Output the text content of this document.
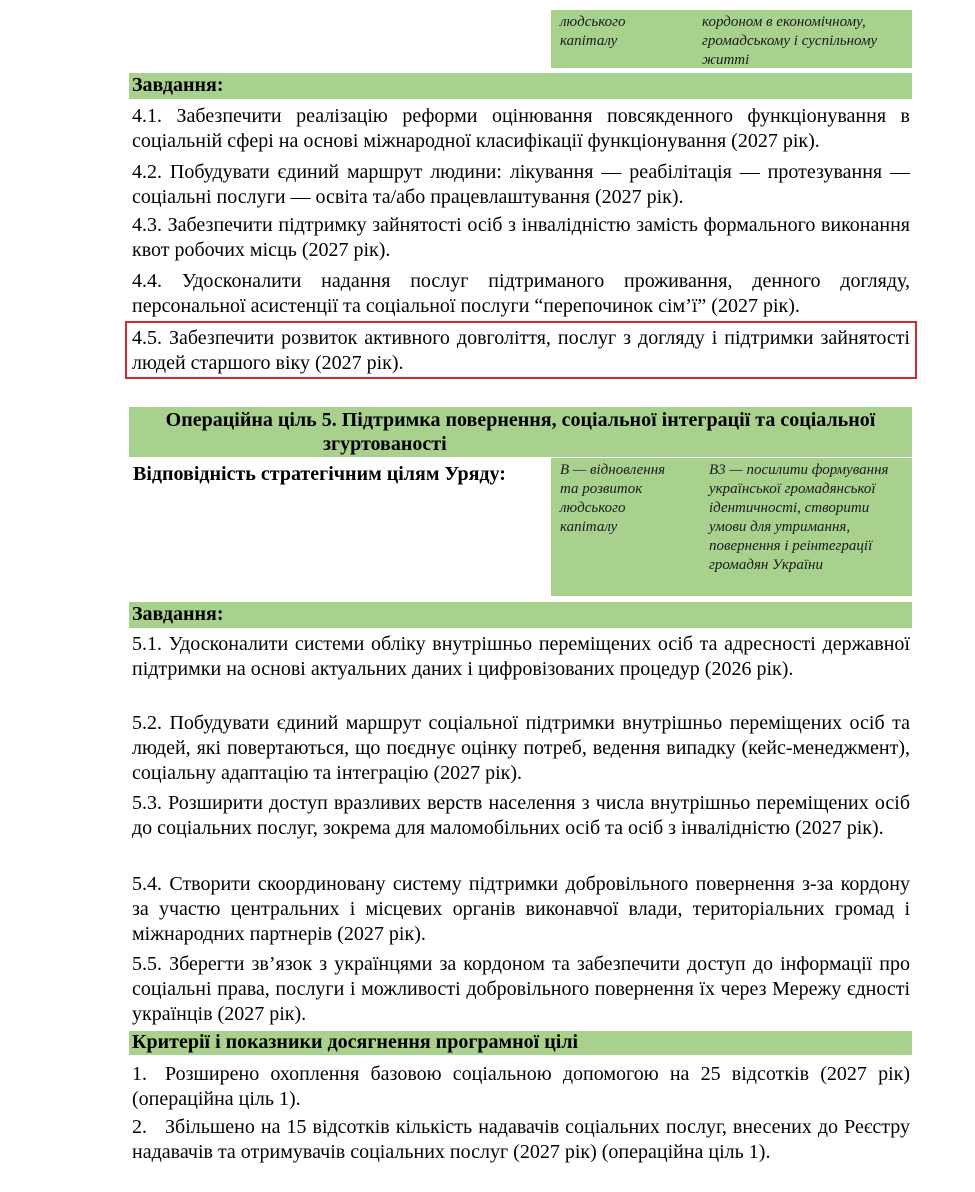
людського капіталу
кордоном в економічному, громадському і суспільному житті
Завдання:

4.1. Забезпечити реалізацію реформи оцінювання повсякденного функціонування в соціальній сфері на основі міжнародної класифікації функціонування (2027 рік).

4.2. Побудувати єдиний маршрут людини: лікування — реабілітація — протезування — соціальні послуги — освіта та/або працевлаштування (2027 рік).

4.3. Забезпечити підтримку зайнятості осіб з інвалідністю замість формального виконання квот робочих місць (2027 рік).

4.4. Удосконалити надання послуг підтриманого проживання, денного догляду, персональної асистенції та соціальної послуги “перепочинок сім’ї” (2027 рік).

4.5. Забезпечити розвиток активного довголіття, послуг з догляду і підтримки зайнятості людей старшого віку (2027 рік).

Операційна ціль 5. Підтримка повернення, соціальної інтеграції та соціальної
згуртованості
Відповідність стратегічним цілям Уряду:	В — відновлення та розвиток людського капіталу
В3 — посилити формування української громадянської ідентичності, створити умови для утримання, повернення і реінтеграції громадян України
Завдання:

5.1. Удосконалити системи обліку внутрішньо переміщених осіб та адресності державної підтримки на основі актуальних даних і цифровізованих процедур (2026 рік).

5.2. Побудувати єдиний маршрут соціальної підтримки внутрішньо переміщених осіб та людей, які повертаються, що поєднує оцінку потреб, ведення випадку (кейс-менеджмент), соціальну адаптацію та інтеграцію (2027 рік).

5.3. Розширити доступ вразливих верств населення з числа внутрішньо переміщених осіб до соціальних послуг, зокрема для маломобільних осіб та осіб з інвалідністю (2027 рік).

5.4. Створити скоординовану систему підтримки добровільного повернення з-за кордону за участю центральних і місцевих органів виконавчої влади, територіальних громад і міжнародних партнерів (2027 рік).

5.5. Зберегти зв’язок з українцями за кордоном та забезпечити доступ до інформації про соціальні права, послуги і можливості добровільного повернення їх через Мережу єдності українців (2027 рік).

Критерії і показники досягнення програмної цілі

1. Розширено охоплення базовою соціальною допомогою на 25 відсотків (2027 рік) (операційна ціль 1).

2. Збільшено на 15 відсотків кількість надавачів соціальних послуг, внесених до Реєстру надавачів та отримувачів соціальних послуг (2027 рік) (операційна ціль 1).
